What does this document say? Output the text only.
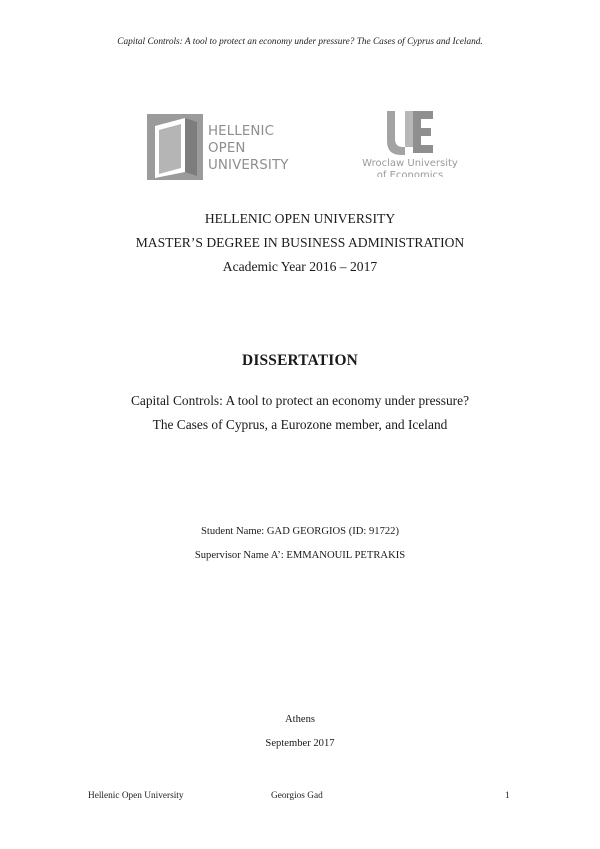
Capital Controls: A tool to protect an economy under pressure? The Cases of Cyprus and Iceland.
HELLENIC
OPEN
UNIVERSITY	Wroclaw University
of Economics
HELLENIC OPEN UNIVERSITY
MASTER’S DEGREE IN BUSINESS ADMINISTRATION
Academic Year 2016 – 2017
DISSERTATION
Capital Controls: A tool to protect an economy under pressure?
The Cases of Cyprus, a Eurozone member, and Iceland
Student Name: GAD GEORGIOS (ID: 91722)
Supervisor Name A’: EMMANOUIL PETRAKIS
Athens
September 2017
Hellenic Open University	Georgios Gad	1
